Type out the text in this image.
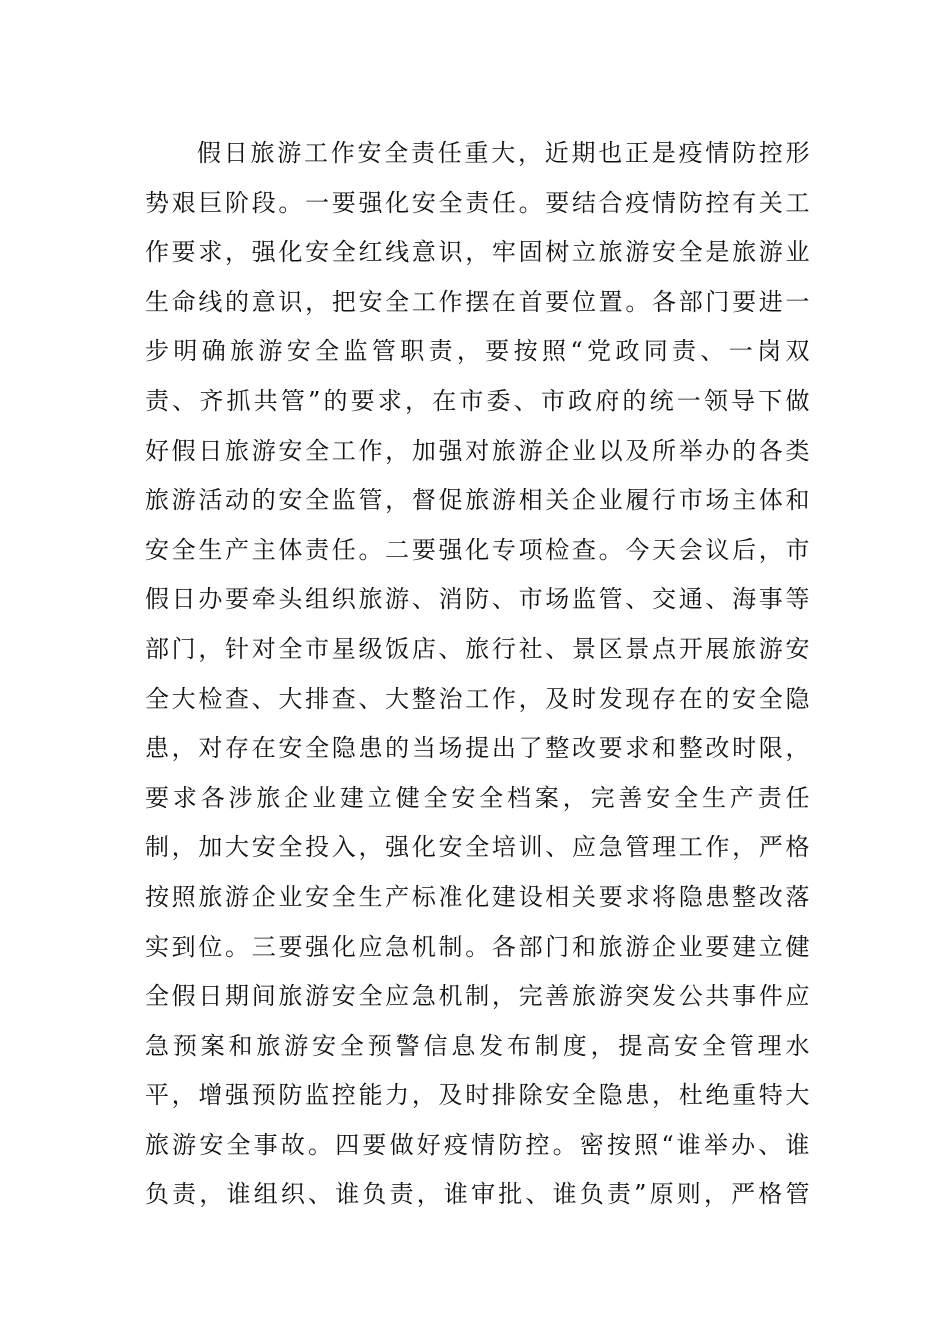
假日旅游工作安全责任重大，近期也正是疫情防控形
势艰巨阶段。一要强化安全责任。要结合疫情防控有关工
作要求，强化安全红线意识，牢固树立旅游安全是旅游业
生命线的意识，把安全工作摆在首要位置。各部门要进一
步明确旅游安全监管职责，要按照“党政同责、一岗双
责、齐抓共管”的要求，在市委、市政府的统一领导下做
好假日旅游安全工作，加强对旅游企业以及所举办的各类
旅游活动的安全监管，督促旅游相关企业履行市场主体和
安全生产主体责任。二要强化专项检查。今天会议后，市
假日办要牵头组织旅游、消防、市场监管、交通、海事等
部门，针对全市星级饭店、旅行社、景区景点开展旅游安
全大检查、大排查、大整治工作，及时发现存在的安全隐
患，对存在安全隐患的当场提出了整改要求和整改时限，
要求各涉旅企业建立健全安全档案，完善安全生产责任
制，加大安全投入，强化安全培训、应急管理工作，严格
按照旅游企业安全生产标准化建设相关要求将隐患整改落
实到位。三要强化应急机制。各部门和旅游企业要建立健
全假日期间旅游安全应急机制，完善旅游突发公共事件应
急预案和旅游安全预警信息发布制度，提高安全管理水
平，增强预防监控能力，及时排除安全隐患，杜绝重特大
旅游安全事故。四要做好疫情防控。密按照“谁举办、谁
负责，谁组织、谁负责，谁审批、谁负责”原则，严格管
